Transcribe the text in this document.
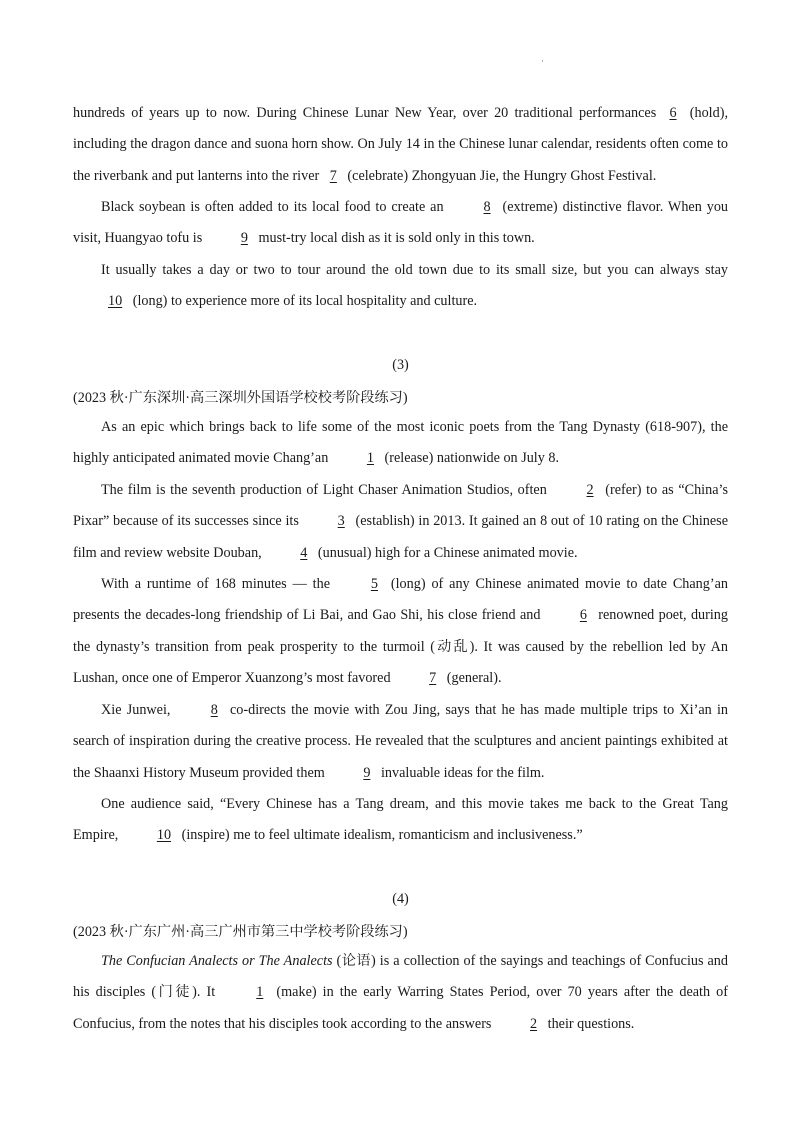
·

hundreds of years up to now. During Chinese Lunar New Year, over 20 traditional performances 6 (hold), including the dragon dance and suona horn show. On July 14 in the Chinese lunar calendar, residents often come to the riverbank and put lanterns into the river 7 (celebrate) Zhongyuan Jie, the Hungry Ghost Festival.

Black soybean is often added to its local food to create an 8 (extreme) distinctive flavor. When you visit, Huangyao tofu is 9 must-try local dish as it is sold only in this town.

It usually takes a day or two to tour around the old town due to its small size, but you can always stay 10 (long) to experience more of its local hospitality and culture.

(3)
(2023 秋·广东深圳·高三深圳外国语学校校考阶段练习)

As an epic which brings back to life some of the most iconic poets from the Tang Dynasty (618-907), the highly anticipated animated movie Chang’an 1 (release) nationwide on July 8.

The film is the seventh production of Light Chaser Animation Studios, often 2 (refer) to as “China’s Pixar” because of its successes since its 3 (establish) in 2013. It gained an 8 out of 10 rating on the Chinese film and review website Douban, 4 (unusual) high for a Chinese animated movie.

With a runtime of 168 minutes — the 5 (long) of any Chinese animated movie to date Chang’an presents the decades-long friendship of Li Bai, and Gao Shi, his close friend and 6 renowned poet, during the dynasty’s transition from peak prosperity to the turmoil (动乱). It was caused by the rebellion led by An Lushan, once one of Emperor Xuanzong’s most favored 7 (general).

Xie Junwei, 8 co-directs the movie with Zou Jing, says that he has made multiple trips to Xi’an in search of inspiration during the creative process. He revealed that the sculptures and ancient paintings exhibited at the Shaanxi History Museum provided them 9 invaluable ideas for the film.

One audience said, “Every Chinese has a Tang dream, and this movie takes me back to the Great Tang Empire, 10 (inspire) me to feel ultimate idealism, romanticism and inclusiveness.”

(4)
(2023 秋·广东广州·高三广州市第三中学校考阶段练习)

The Confucian Analects or The Analects (论语) is a collection of the sayings and teachings of Confucius and his disciples (门徒). It 1 (make) in the early Warring States Period, over 70 years after the death of Confucius, from the notes that his disciples took according to the answers 2 their questions.
